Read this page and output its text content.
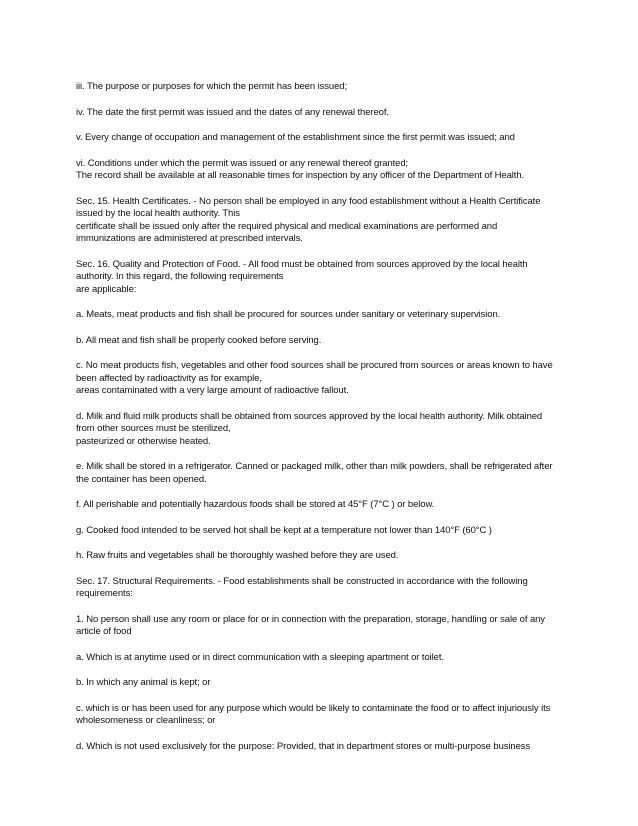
iii. The purpose or purposes for which the permit has been issued;

iv. The date the first permit was issued and the dates of any renewal thereof.

v. Every change of occupation and management of the establishment since the first permit was issued; and

vi. Conditions under which the permit was issued or any renewal thereof granted;
The record shall be available at all reasonable times for inspection by any officer of the Department of Health.

Sec. 15. Health Certificates. - No person shall be employed in any food establishment without a Health Certificate
issued by the local health authority. This
certificate shall be issued only after the required physical and medical examinations are performed and
immunizations are administered at prescribed intervals.

Sec. 16. Quality and Protection of Food. - All food must be obtained from sources approved by the local health
authority. In this regard, the following requirements
are applicable:

a. Meats, meat products and fish shall be procured for sources under sanitary or veterinary supervision.

b. All meat and fish shall be properly cooked before serving.

c. No meat products fish, vegetables and other food sources shall be procured from sources or areas known to have
been affected by radioactivity as for example,
areas contaminated with a very large amount of radioactive fallout.

d. Milk and fluid milk products shall be obtained from sources approved by the local health authority. Milk obtained
from other sources must be sterilized,
pasteurized or otherwise heated.

e. Milk shall be stored in a refrigerator. Canned or packaged milk, other than milk powders, shall be refrigerated after
the container has been opened.

f. All perishable and potentially hazardous foods shall be stored at 45°F (7°C ) or below.

g. Cooked food intended to be served hot shall be kept at a temperature not lower than 140°F (60°C )

h. Raw fruits and vegetables shall be thoroughly washed before they are used.

Sec. 17. Structural Requirements. - Food establishments shall be constructed in accordance with the following
requirements:

1. No person shall use any room or place for or in connection with the preparation, storage, handling or sale of any
article of food

a. Which is at anytime used or in direct communication with a sleeping apartment or toilet.

b. In which any animal is kept; or

c. which is or has been used for any purpose which would be likely to contaminate the food or to affect injuriously its
wholesomeness or cleanliness; or

d. Which is not used exclusively for the purpose: Provided, that in department stores or multi-purpose business
